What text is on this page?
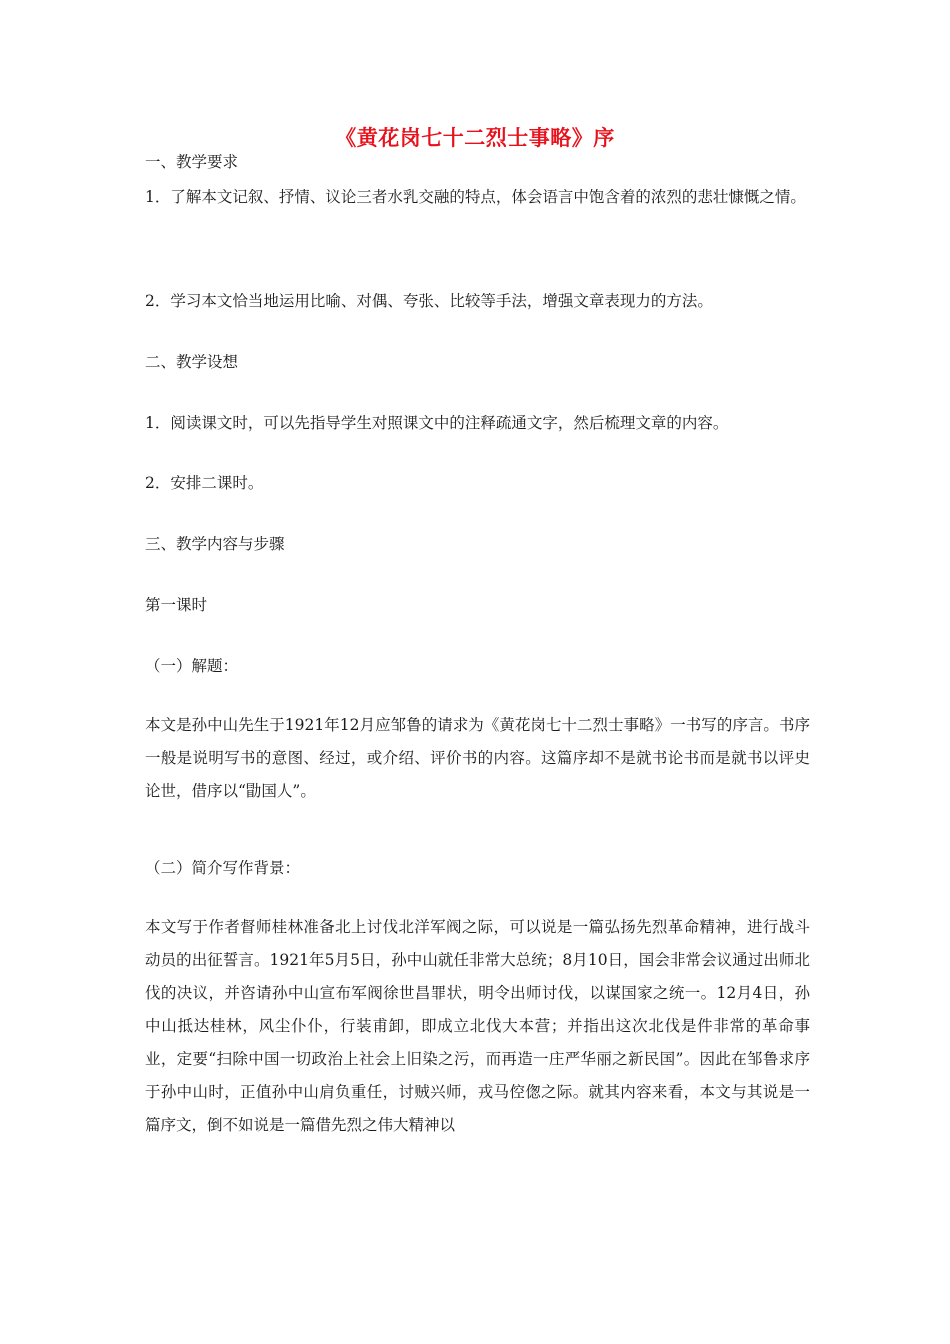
《黄花岗七十二烈士事略》序
一、教学要求
1．了解本文记叙、抒情、议论三者水乳交融的特点，体会语言中饱含着的浓烈的悲壮慷慨之情。
2．学习本文恰当地运用比喻、对偶、夸张、比较等手法，增强文章表现力的方法。
二、教学设想
1．阅读课文时，可以先指导学生对照课文中的注释疏通文字，然后梳理文章的内容。
2．安排二课时。
三、教学内容与步骤
第一课时
（一）解题：
本文是孙中山先生于1921年12月应邹鲁的请求为《黄花岗七十二烈士事略》一书写的序言。书序一般是说明写书的意图、经过，或介绍、评价书的内容。这篇序却不是就书论书而是就书以评史论世，借序以“勖国人”。
（二）简介写作背景：
本文写于作者督师桂林准备北上讨伐北洋军阀之际，可以说是一篇弘扬先烈革命精神，进行战斗动员的出征誓言。1921年5月5日，孙中山就任非常大总统；8月10日，国会非常会议通过出师北伐的决议，并咨请孙中山宣布军阀徐世昌罪状，明令出师讨伐，以谋国家之统一。12月4日，孙中山抵达桂林，风尘仆仆，行装甫卸，即成立北伐大本营；并指出这次北伐是件非常的革命事业，定要“扫除中国一切政治上社会上旧染之污，而再造一庄严华丽之新民国”。因此在邹鲁求序于孙中山时，正值孙中山肩负重任，讨贼兴师，戎马倥偬之际。就其内容来看，本文与其说是一篇序文，倒不如说是一篇借先烈之伟大精神以
